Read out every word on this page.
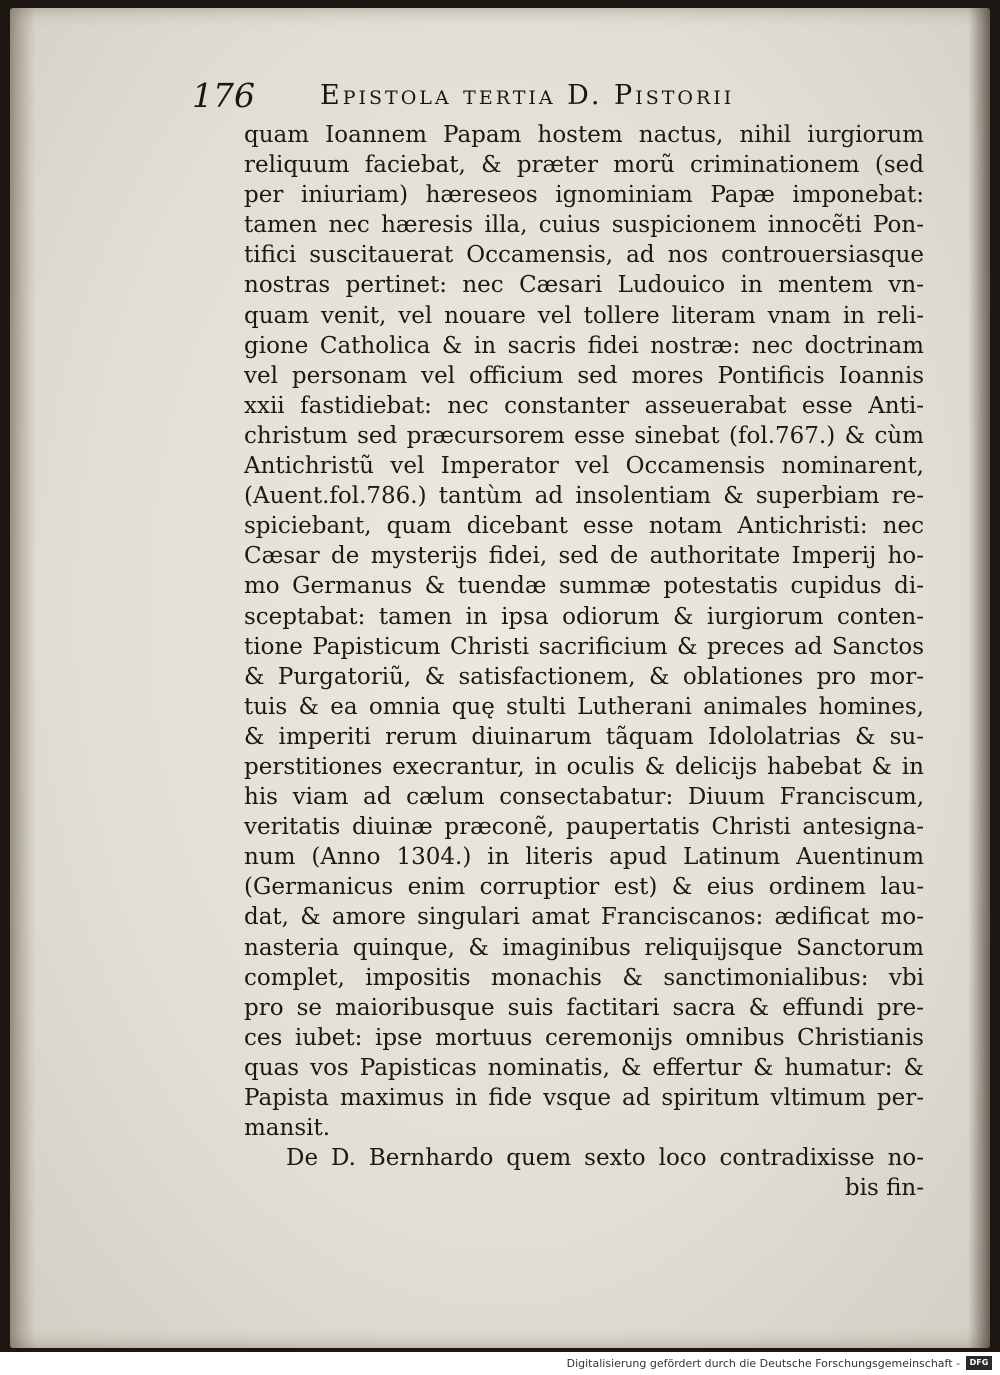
176 Epistola tertia D. Pistorii
quam Ioannem Papam hostem nactus, nihil iurgiorum
reliquum faciebat, & præter morũ criminationem (sed
per iniuriam) hæreseos ignominiam Papæ imponebat:
tamen nec hæresis illa, cuius suspicionem innocẽti Pon-
tifici suscitauerat Occamensis, ad nos controuersiasque
nostras pertinet: nec Cæsari Ludouico in mentem vn-
quam venit, vel nouare vel tollere literam vnam in reli-
gione Catholica & in sacris fidei nostræ: nec doctrinam
vel personam vel officium sed mores Pontificis Ioannis
xxii fastidiebat: nec constanter asseuerabat esse Anti-
christum sed præcursorem esse sinebat (fol.767.) & cùm
Antichristũ vel Imperator vel Occamensis nominarent,
(Auent.fol.786.) tantùm ad insolentiam & superbiam re-
spiciebant, quam dicebant esse notam Antichristi: nec
Cæsar de mysterijs fidei, sed de authoritate Imperij ho-
mo Germanus & tuendæ summæ potestatis cupidus di-
sceptabat: tamen in ipsa odiorum & iurgiorum conten-
tione Papisticum Christi sacrificium & preces ad Sanctos
& Purgatoriũ, & satisfactionem, & oblationes pro mor-
tuis & ea omnia quę stulti Lutherani animales homines,
& imperiti rerum diuinarum tãquam Idololatrias & su-
perstitiones execrantur, in oculis & delicijs habebat & in
his viam ad cælum consectabatur: Diuum Franciscum,
veritatis diuinæ præconẽ, paupertatis Christi antesigna-
num (Anno 1304.) in literis apud Latinum Auentinum
(Germanicus enim corruptior est) & eius ordinem lau-
dat, & amore singulari amat Franciscanos: ædificat mo-
nasteria quinque, & imaginibus reliquijsque Sanctorum
complet, impositis monachis & sanctimonialibus: vbi
pro se maioribusque suis factitari sacra & effundi pre-
ces iubet: ipse mortuus ceremonijs omnibus Christianis
quas vos Papisticas nominatis, & effertur & humatur: &
Papista maximus in fide vsque ad spiritum vltimum per-
mansit.
De D. Bernhardo quem sexto loco contradixisse no-
bis fin-
Digitalisierung gefördert durch die Deutsche Forschungsgemeinschaft -	DFG
